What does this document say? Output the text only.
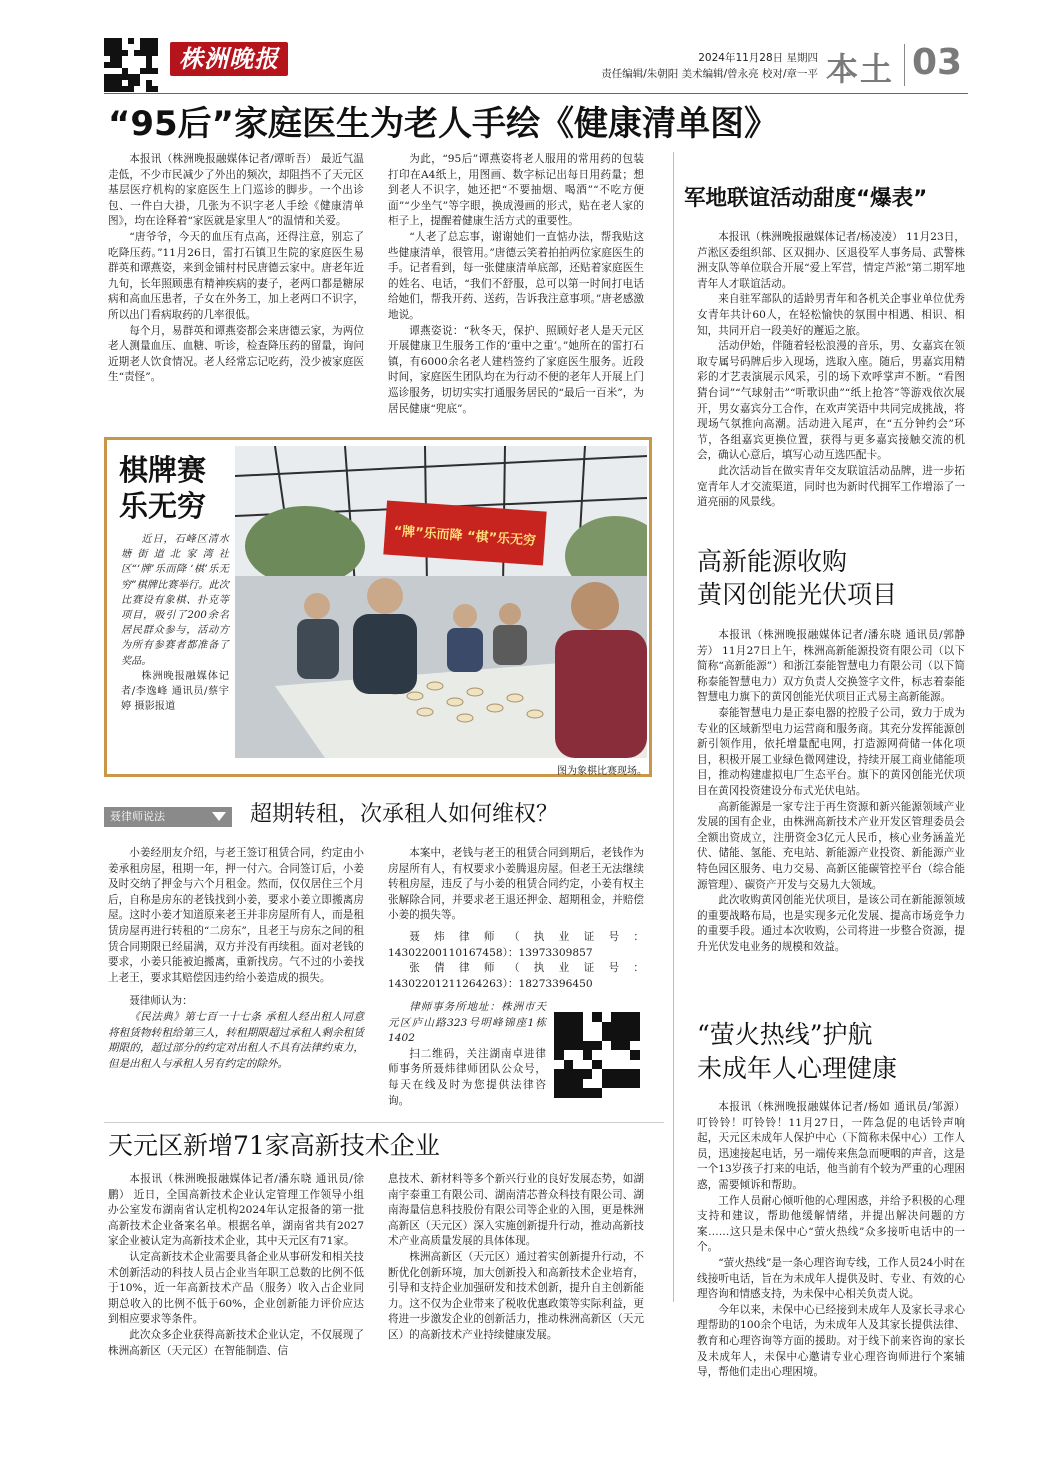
株洲晚报	2024年11月28日 星期四
责任编辑/朱朝阳 美术编辑/曾永亮 校对/章一平 本土 03
“95后”家庭医生为老人手绘《健康清单图》

本报讯（株洲晚报融媒体记者/谭昕吾） 最近气温走低，不少市民减少了外出的频次，却阻挡不了天元区基层医疗机构的家庭医生上门巡诊的脚步。一个出诊包、一件白大褂，几张为不识字老人手绘《健康清单图》，均在诠释着“家医就是家里人”的温情和关爱。

“唐爷爷，今天的血压有点高，还得注意，别忘了吃降压药。”11月26日，雷打石镇卫生院的家庭医生易群英和谭燕姿，来到金铺村村民唐德云家中。唐老年近九旬，长年照顾患有精神疾病的妻子，老两口都是糖尿病和高血压患者，子女在外务工，加上老两口不识字，所以出门看病取药的几率很低。

每个月，易群英和谭燕姿都会来唐德云家，为两位老人测量血压、血糖、听诊，检查降压药的留量，询问近期老人饮食情况。老人经常忘记吃药，没少被家庭医生“责怪”。

为此，“95后”谭燕姿将老人服用的常用药的包装打印在A4纸上，用图画、数字标记出每日用药量；想到老人不识字，她还把“不要抽烟、喝酒”“不吃方便面”“少坐气”等字眼，换成漫画的形式，贴在老人家的柜子上，提醒着健康生活方式的重要性。

“人老了总忘事，谢谢她们一直惦办法，帮我贴这些健康清单，很管用。”唐德云笑着拍拍两位家庭医生的手。记者看到，每一张健康清单底部，还贴着家庭医生的姓名、电话，“我们不舒服，总可以第一时间打电话给她们，帮我开药、送药，告诉我注意事项。”唐老感激地说。

谭燕姿说：“秋冬天，保护、照顾好老人是天元区开展健康卫生服务工作的‘重中之重’。”她所在的雷打石镇，有6000余名老人建档签约了家庭医生服务。近段时间，家庭医生团队均在为行动不便的老年人开展上门巡诊服务，切切实实打通服务居民的“最后一百米”，为居民健康“兜底”。

军地联谊活动甜度“爆表”

本报讯（株洲晚报融媒体记者/杨凌凌） 11月23日，芦淞区委组织部、区双拥办、区退役军人事务局、武警株洲支队等单位联合开展“爱上军营，情定芦淞”第二期军地青年人才联谊活动。

来自驻军部队的适龄男青年和各机关企事业单位优秀女青年共计60人，在轻松愉快的氛围中相遇、相识、相知，共同开启一段美好的邂逅之旅。

活动伊始，伴随着轻松浪漫的音乐，男、女嘉宾在领取专属号码牌后步入现场，选取入座。随后，男嘉宾用精彩的才艺表演展示风采，引的场下欢呼掌声不断。“看图猜台词”“气球射击”“听歌识曲”“纸上抢答”等游戏依次展开，男女嘉宾分工合作，在欢声笑语中共同完成挑战，将现场气氛推向高潮。活动进入尾声，在“五分钟约会”环节，各组嘉宾更换位置，获得与更多嘉宾接触交流的机会，确认心意后，填写心动互选匹配卡。

此次活动旨在做实青年交友联谊活动品牌，进一步拓宽青年人才交流渠道，同时也为新时代拥军工作增添了一道亮丽的风景线。

棋牌赛
乐无穷

近日，石峰区清水塘街道北家湾社区“‘牌’乐而降 ‘棋’乐无穷”棋牌比赛举行。此次比赛设有象棋、扑克等项目，吸引了200余名居民群众参与，活动方为所有参赛者都准备了奖品。

株洲晚报融媒体记者/李逸峰 通讯员/蔡宇婷 摄影报道

“牌”乐而降 “棋”乐无穷
图为象棋比赛现场。
高新能源收购
黄冈创能光伏项目

本报讯（株洲晚报融媒体记者/潘东晓 通讯员/郭静芳） 11月27日上午，株洲高新能源投资有限公司（以下简称“高新能源”）和浙江泰能智慧电力有限公司（以下简称泰能智慧电力）双方负责人交换签字文件，标志着泰能智慧电力旗下的黄冈创能光伏项目正式易主高新能源。

泰能智慧电力是正泰电器的控股子公司，致力于成为专业的区域新型电力运营商和服务商。其充分发挥能源创新引领作用，依托增量配电网，打造源网荷储一体化项目，积极开展工业绿色微网建设，持续开展工商业储能项目，推动构建虚拟电厂生态平台。旗下的黄冈创能光伏项目在黄冈投资建设分布式光伏电站。

高新能源是一家专注于再生资源和新兴能源领域产业发展的国有企业，由株洲高新技术产业开发区管理委员会全额出资成立，注册资金3亿元人民币，核心业务涵盖光伏、储能、氢能、充电站、新能源产业投资、新能源产业特色园区服务、电力交易、高新区能碳管控平台（综合能源管理）、碳资产开发与交易九大领域。

此次收购黄冈创能光伏项目，是该公司在新能源领域的重要战略布局，也是实现多元化发展、提高市场竞争力的重要手段。通过本次收购，公司将进一步整合资源，提升光伏发电业务的规模和效益。

聂律师说法	超期转租，次承租人如何维权？

小姜经朋友介绍，与老王签订租赁合同，约定由小姜承租房屋，租期一年，押一付六。合同签订后，小姜及时交纳了押金与六个月租金。然而，仅仅居住三个月后，自称是房东的老钱找到小姜，要求小姜立即搬离房屋。这时小姜才知道原来老王并非房屋所有人，而是租赁房屋再进行转租的“二房东”，且老王与房东之间的租赁合同期限已经届满，双方并没有再续租。面对老钱的要求，小姜只能被迫搬离，重新找房。气不过的小姜找上老王，要求其赔偿因违约给小姜造成的损失。

聂律师认为：

《民法典》第七百一十七条 承租人经出租人同意将租赁物转租给第三人，转租期限超过承租人剩余租赁期限的，超过部分的约定对出租人不具有法律约束力，但是出租人与承租人另有约定的除外。

本案中，老钱与老王的租赁合同到期后，老钱作为房屋所有人，有权要求小姜腾退房屋。但老王无法继续转租房屋，违反了与小姜的租赁合同约定，小姜有权主张解除合同，并要求老王退还押金、超期租金，并赔偿小姜的损失等。

聂炜律师（执业证号：14302200110167458）：13973309857

张倩律师（执业证号：14302201211264263）：18273396450

律师事务所地址：株洲市天元区庐山路323号明峰锦座1栋1402

扫二维码，关注湖南卓进律师事务所聂炜律师团队公众号，每天在线及时为您提供法律咨询。

天元区新增71家高新技术企业

本报讯（株洲晚报融媒体记者/潘东晓 通讯员/徐鹏） 近日，全国高新技术企业认定管理工作领导小组办公室发布湖南省认定机构2024年认定报备的第一批高新技术企业备案名单。根据名单，湖南省共有2027家企业被认定为高新技术企业，其中天元区有71家。

认定高新技术企业需要具备企业从事研发和相关技术创新活动的科技人员占企业当年职工总数的比例不低于10%，近一年高新技术产品（服务）收入占企业同期总收入的比例不低于60%，企业创新能力评价应达到相应要求等条件。

此次众多企业获得高新技术企业认定，不仅展现了株洲高新区（天元区）在智能制造、信

息技术、新材料等多个新兴行业的良好发展态势，如湖南宇泰重工有限公司、湖南清芯普众科技有限公司、湖南海量信息科技股份有限公司等企业的入围，更是株洲高新区（天元区）深入实施创新提升行动，推动高新技术产业高质量发展的具体体现。

株洲高新区（天元区）通过着实创新提升行动，不断优化创新环境，加大创新投入和高新技术企业培育，引导和支持企业加强研发和技术创新，提升自主创新能力。这不仅为企业带来了税收优惠政策等实际利益，更将进一步激发企业的创新活力，推动株洲高新区（天元区）的高新技术产业持续健康发展。

“萤火热线”护航
未成年人心理健康

本报讯（株洲晚报融媒体记者/杨如 通讯员/邹源） 叮铃铃！叮铃铃！11月27日，一阵急促的电话铃声响起，天元区未成年人保护中心（下简称未保中心）工作人员，迅速接起电话，另一端传来焦急而哽咽的声音，这是一个13岁孩子打来的电话，他当前有个较为严重的心理困惑，需要倾诉和帮助。

工作人员耐心倾听他的心理困惑，并给予积极的心理支持和建议，帮助他缓解情绪，并提出解决问题的方案……这只是未保中心“萤火热线”众多接听电话中的一个。

“萤火热线”是一条心理咨询专线，工作人员24小时在线接听电话，旨在为未成年人提供及时、专业、有效的心理咨询和情感支持，为未保中心相关负责人说。

今年以来，未保中心已经接到未成年人及家长寻求心理帮助的100余个电话，为未成年人及其家长提供法律、教育和心理咨询等方面的援助。对于线下前来咨询的家长及未成年人，未保中心邀请专业心理咨询师进行个案辅导，帮他们走出心理困境。
